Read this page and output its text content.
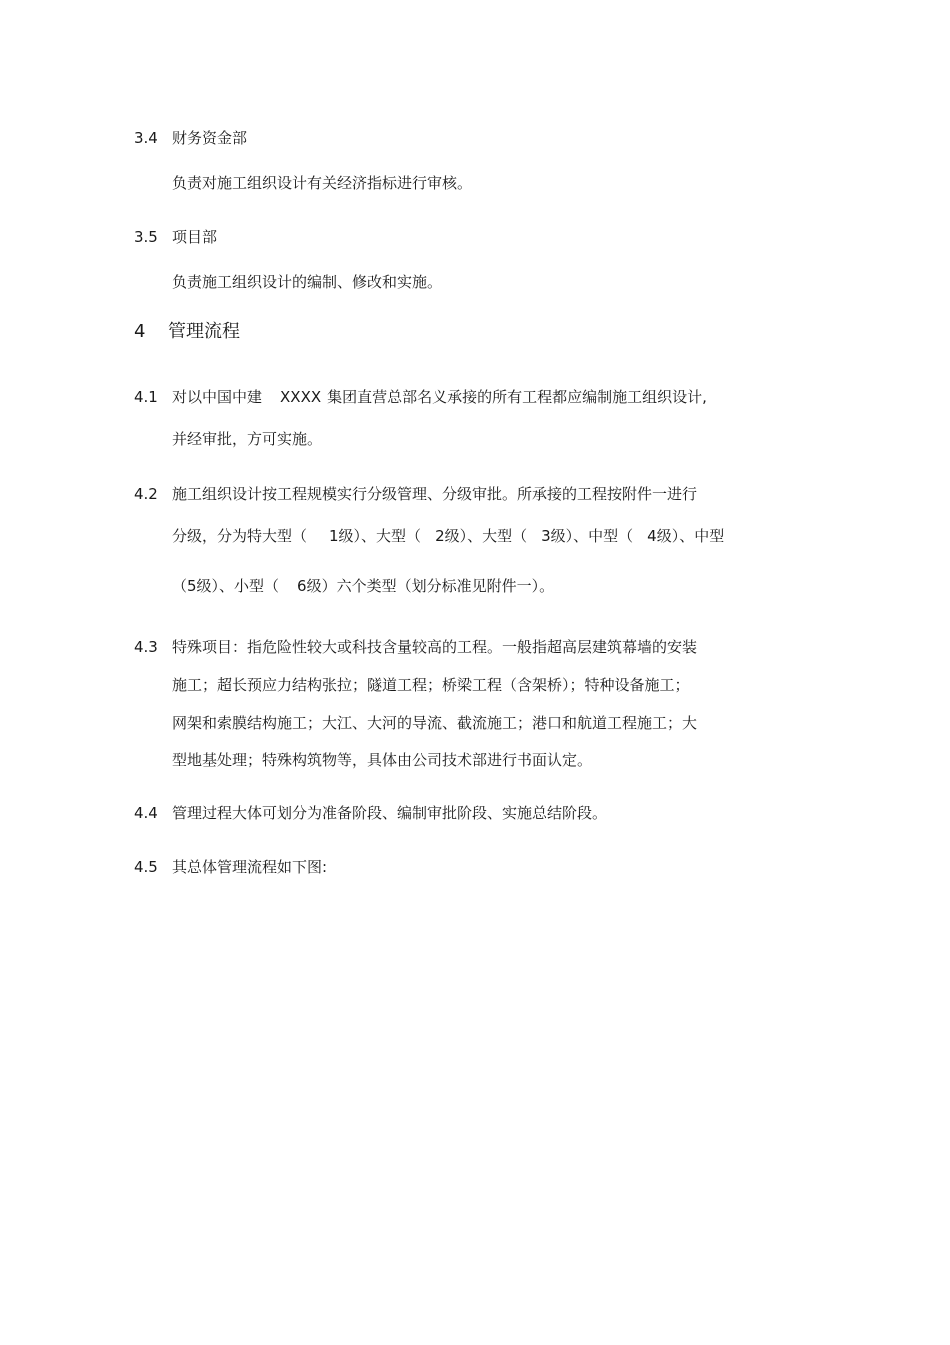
3.4 财务资金部
负责对施工组织设计有关经济指标进行审核。
3.5 项目部
负责施工组织设计的编制、修改和实施。
4 管理流程
4.1 对以中国中建 XXXX 集团直营总部名义承接的所有工程都应编制施工组织设计,
并经审批，方可实施。
4.2 施工组织设计按工程规模实行分级管理、分级审批。所承接的工程按附件一进行
分级，分为特大型（ 1级）、大型（ 2级）、大型（ 3级）、中型（ 4级）、中型
（5级）、小型（ 6级）六个类型（划分标准见附件一）。
4.3 特殊项目：指危险性较大或科技含量较高的工程。一般指超高层建筑幕墙的安装
施工；超长预应力结构张拉；隧道工程；桥梁工程（含架桥）；特种设备施工；
网架和索膜结构施工；大江、大河的导流、截流施工；港口和航道工程施工；大
型地基处理；特殊构筑物等，具体由公司技术部进行书面认定。
4.4 管理过程大体可划分为准备阶段、编制审批阶段、实施总结阶段。
4.5 其总体管理流程如下图:
